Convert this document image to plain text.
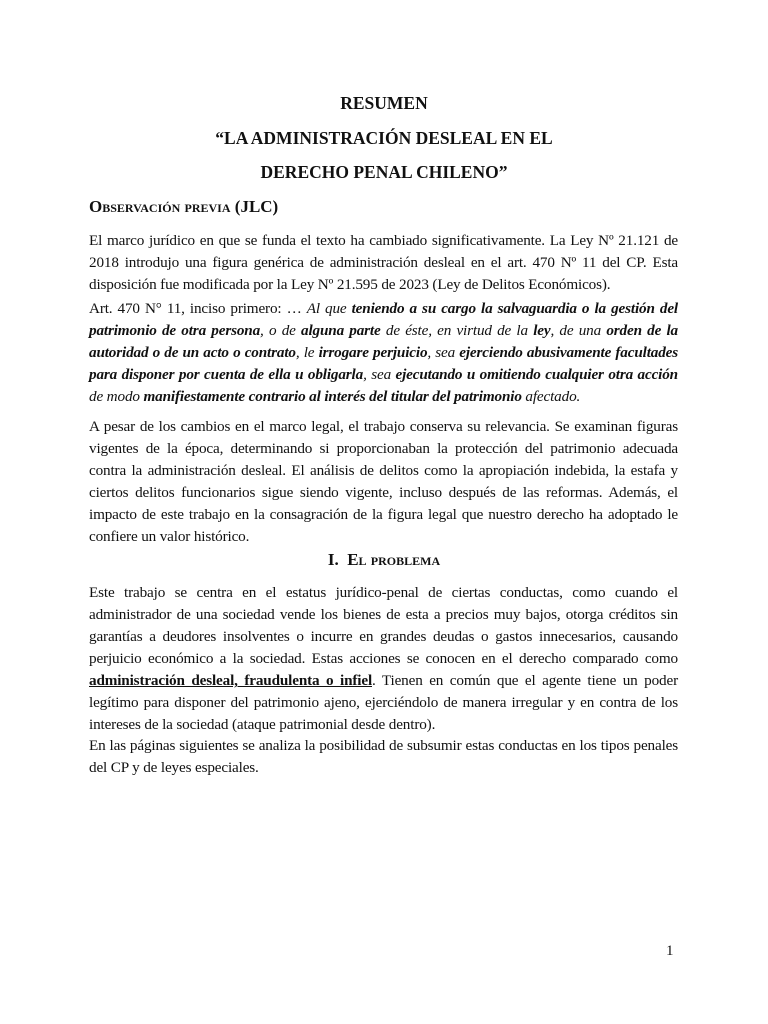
RESUMEN
“LA ADMINISTRACIÓN DESLEAL EN EL
DERECHO PENAL CHILENO”
Observación previa (JLC)

El marco jurídico en que se funda el texto ha cambiado significativamente. La Ley Nº 21.121 de 2018 introdujo una figura genérica de administración desleal en el art. 470 Nº 11 del CP. Esta disposición fue modificada por la Ley Nº 21.595 de 2023 (Ley de Delitos Económicos).

Art. 470 N° 11, inciso primero: … Al que teniendo a su cargo la salvaguardia o la gestión del patrimonio de otra persona, o de alguna parte de éste, en virtud de la ley, de una orden de la autoridad o de un acto o contrato, le irrogare perjuicio, sea ejerciendo abusivamente facultades para disponer por cuenta de ella u obligarla, sea ejecutando u omitiendo cualquier otra acción de modo manifiestamente contrario al interés del titular del patrimonio afectado.

A pesar de los cambios en el marco legal, el trabajo conserva su relevancia. Se examinan figuras vigentes de la época, determinando si proporcionaban la protección del patrimonio adecuada contra la administración desleal. El análisis de delitos como la apropiación indebida, la estafa y ciertos delitos funcionarios sigue siendo vigente, incluso después de las reformas. Además, el impacto de este trabajo en la consagración de la figura legal que nuestro derecho ha adoptado le confiere un valor histórico.

I. El problema

Este trabajo se centra en el estatus jurídico-penal de ciertas conductas, como cuando el administrador de una sociedad vende los bienes de esta a precios muy bajos, otorga créditos sin garantías a deudores insolventes o incurre en grandes deudas o gastos innecesarios, causando perjuicio económico a la sociedad. Estas acciones se conocen en el derecho comparado como administración desleal, fraudulenta o infiel. Tienen en común que el agente tiene un poder legítimo para disponer del patrimonio ajeno, ejerciéndolo de manera irregular y en contra de los intereses de la sociedad (ataque patrimonial desde dentro).

En las páginas siguientes se analiza la posibilidad de subsumir estas conductas en los tipos penales del CP y de leyes especiales.

1
